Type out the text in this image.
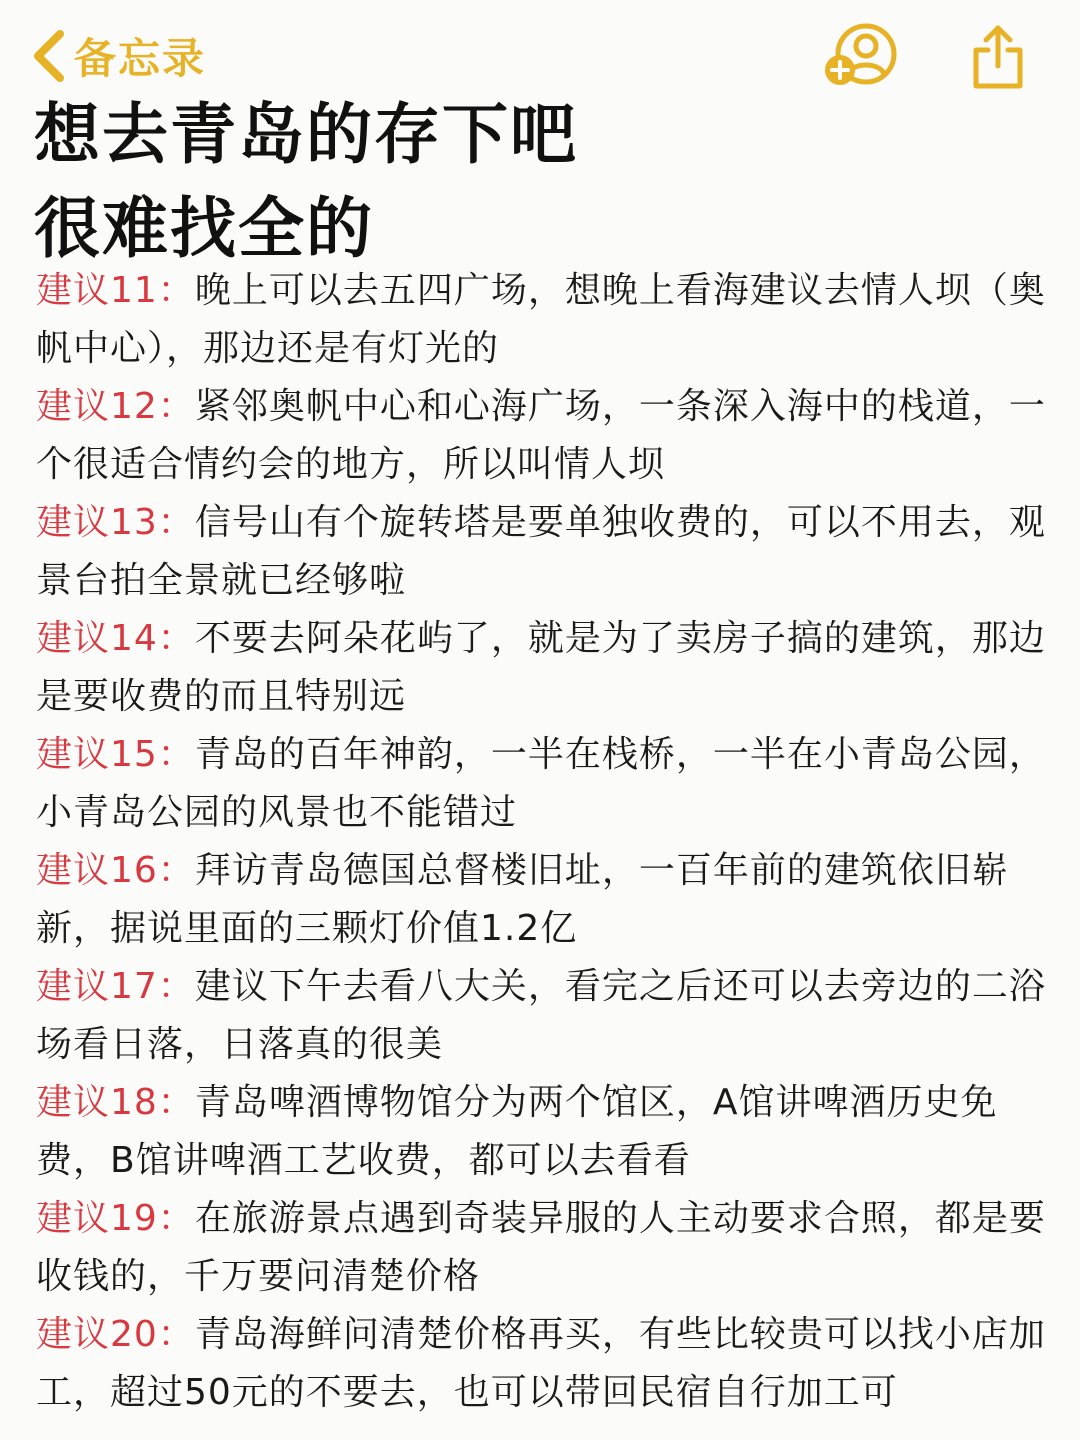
备忘录
想去青岛的存下吧
很难找全的
建议11：晚上可以去五四广场，想晚上看海建议去情人坝（奥帆中心），那边还是有灯光的
建议12：紧邻奥帆中心和心海广场，一条深入海中的栈道，一个很适合情约会的地方，所以叫情人坝
建议13：信号山有个旋转塔是要单独收费的，可以不用去，观景台拍全景就已经够啦
建议14：不要去阿朵花屿了，就是为了卖房子搞的建筑，那边是要收费的而且特别远
建议15：青岛的百年神韵，一半在栈桥，一半在小青岛公园，小青岛公园的风景也不能错过
建议16：拜访青岛德国总督楼旧址，一百年前的建筑依旧崭新，据说里面的三颗灯价值1.2亿
建议17：建议下午去看八大关，看完之后还可以去旁边的二浴场看日落，日落真的很美
建议18：青岛啤酒博物馆分为两个馆区，A馆讲啤酒历史免费，B馆讲啤酒工艺收费，都可以去看看
建议19：在旅游景点遇到奇装异服的人主动要求合照，都是要收钱的，千万要问清楚价格
建议20：青岛海鲜问清楚价格再买，有些比较贵可以找小店加工，超过50元的不要去，也可以带回民宿自行加工可
